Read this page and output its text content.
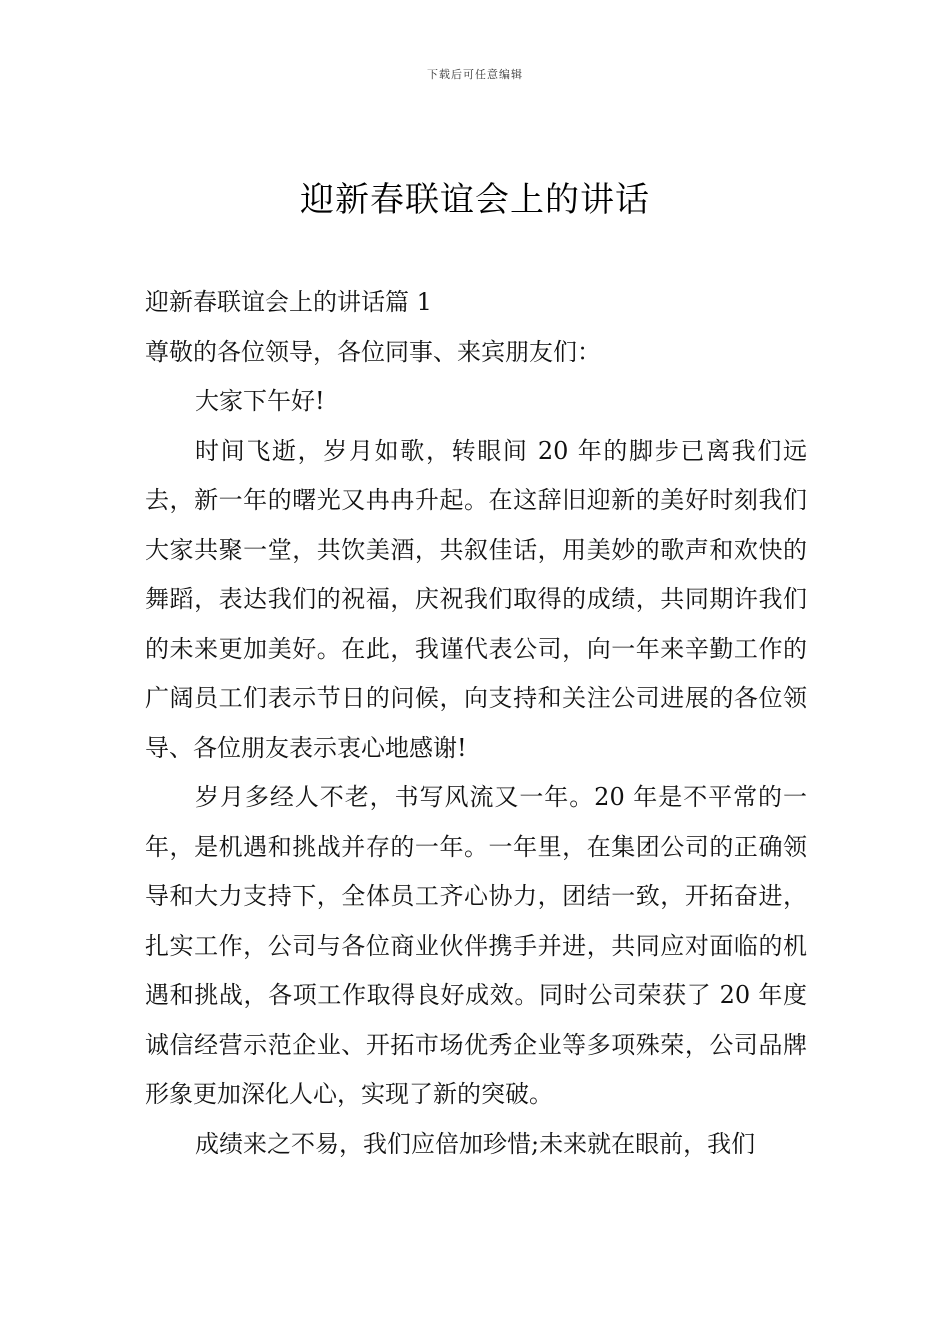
下载后可任意编辑
迎新春联谊会上的讲话

迎新春联谊会上的讲话篇 1

尊敬的各位领导，各位同事、来宾朋友们：

大家下午好!

时间飞逝，岁月如歌，转眼间 20 年的脚步已离我们远去，新一年的曙光又冉冉升起。在这辞旧迎新的美好时刻我们大家共聚一堂，共饮美酒，共叙佳话，用美妙的歌声和欢快的舞蹈，表达我们的祝福，庆祝我们取得的成绩，共同期许我们的未来更加美好。在此，我谨代表公司，向一年来辛勤工作的广阔员工们表示节日的问候，向支持和关注公司进展的各位领导、各位朋友表示衷心地感谢!

岁月多经人不老，书写风流又一年。20 年是不平常的一年，是机遇和挑战并存的一年。一年里，在集团公司的正确领导和大力支持下，全体员工齐心协力，团结一致，开拓奋进，扎实工作，公司与各位商业伙伴携手并进，共同应对面临的机遇和挑战，各项工作取得良好成效。同时公司荣获了 20 年度诚信经营示范企业、开拓市场优秀企业等多项殊荣，公司品牌形象更加深化人心，实现了新的突破。

成绩来之不易，我们应倍加珍惜;未来就在眼前，我们
